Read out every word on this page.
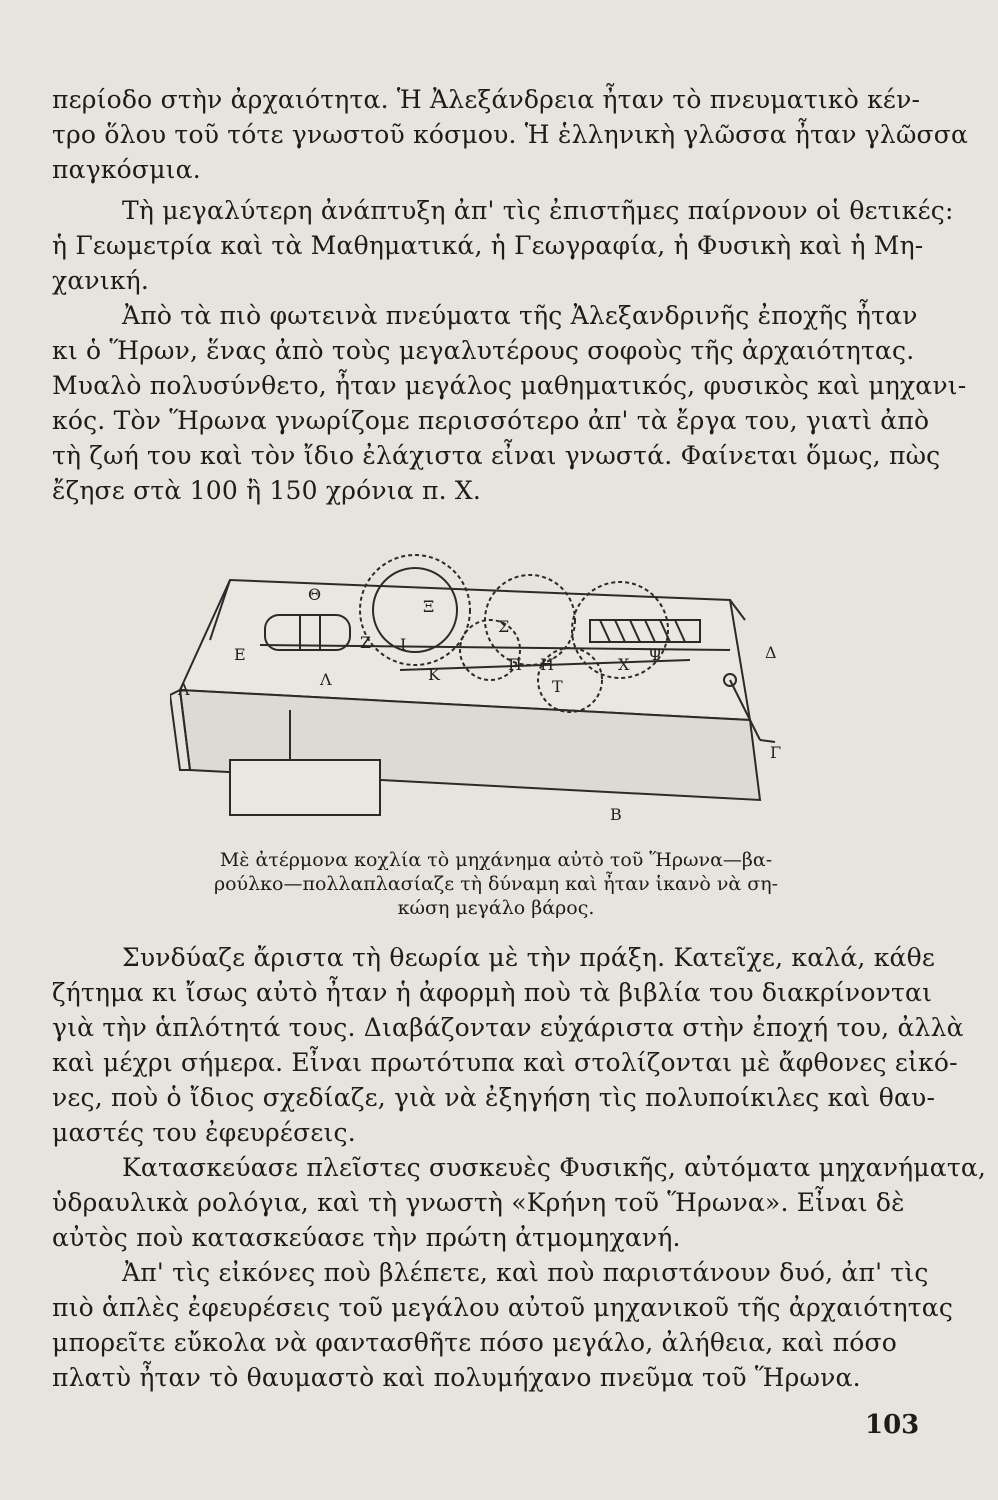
περίοδο στὴν ἀρχαιότητα. Ἡ Ἀλεξάνδρεια ἦταν τὸ πνευματικὸ κέν-
τρο ὅλου τοῦ τότε γνωστοῦ κόσμου. Ἡ ἑλληνικὴ γλῶσσα ἦταν γλῶσσα
παγκόσμια.
Τὴ μεγαλύτερη ἀνάπτυξη ἀπ' τὶς ἐπιστῆμες παίρνουν οἱ θετικές:
ἡ Γεωμετρία καὶ τὰ Μαθηματικά, ἡ Γεωγραφία, ἡ Φυσικὴ καὶ ἡ Μη-
χανική.
Ἀπὸ τὰ πιὸ φωτεινὰ πνεύματα τῆς Ἀλεξανδρινῆς ἐποχῆς ἦταν
κι ὁ Ἥρων, ἕνας ἀπὸ τοὺς μεγαλυτέρους σοφοὺς τῆς ἀρχαιότητας.
Μυαλὸ πολυσύνθετο, ἦταν μεγάλος μαθηματικός, φυσικὸς καὶ μηχανι-
κός. Τὸν Ἥρωνα γνωρίζομε περισσότερο ἀπ' τὰ ἔργα του, γιατὶ ἀπὸ
τὴ ζωή του καὶ τὸν ἴδιο ἐλάχιστα εἶναι γνωστά. Φαίνεται ὅμως, πὼς
ἔζησε στὰ 100 ἢ 150 χρόνια π. Χ.
Θ
Ξ
Ζ Ι
Σ
Κ
Λ
Ε
Α
Η
Τ
Χ
Ψ	Δ
Γ
Β
Π
Μὲ ἀτέρμονα κοχλία τὸ μηχάνημα αὐτὸ τοῦ Ἥρωνα—βα-
ρούλκο—πολλαπλασίαζε τὴ δύναμη καὶ ἦταν ἱκανὸ νὰ ση-
κώση μεγάλο βάρος.
Συνδύαζε ἄριστα τὴ θεωρία μὲ τὴν πράξη. Κατεῖχε, καλά, κάθε
ζήτημα κι ἴσως αὐτὸ ἦταν ἡ ἀφορμὴ ποὺ τὰ βιβλία του διακρίνονται
γιὰ τὴν ἁπλότητά τους. Διαβάζονταν εὐχάριστα στὴν ἐποχή του, ἀλλὰ
καὶ μέχρι σήμερα. Εἶναι πρωτότυπα καὶ στολίζονται μὲ ἄφθονες εἰκό-
νες, ποὺ ὁ ἴδιος σχεδίαζε, γιὰ νὰ ἐξηγήση τὶς πολυποίκιλες καὶ θαυ-
μαστές του ἐφευρέσεις.
Κατασκεύασε πλεῖστες συσκευὲς Φυσικῆς, αὐτόματα μηχανήματα,
ὑδραυλικὰ ρολόγια, καὶ τὴ γνωστὴ «Κρήνη τοῦ Ἥρωνα». Εἶναι δὲ
αὐτὸς ποὺ κατασκεύασε τὴν πρώτη ἀτμομηχανή.
Ἀπ' τὶς εἰκόνες ποὺ βλέπετε, καὶ ποὺ παριστάνουν δυό, ἀπ' τὶς
πιὸ ἁπλὲς ἐφευρέσεις τοῦ μεγάλου αὐτοῦ μηχανικοῦ τῆς ἀρχαιότητας
μπορεῖτε εὔκολα νὰ φαντασθῆτε πόσο μεγάλο, ἀλήθεια, καὶ πόσο
πλατὺ ἦταν τὸ θαυμαστὸ καὶ πολυμήχανο πνεῦμα τοῦ Ἥρωνα.
103
